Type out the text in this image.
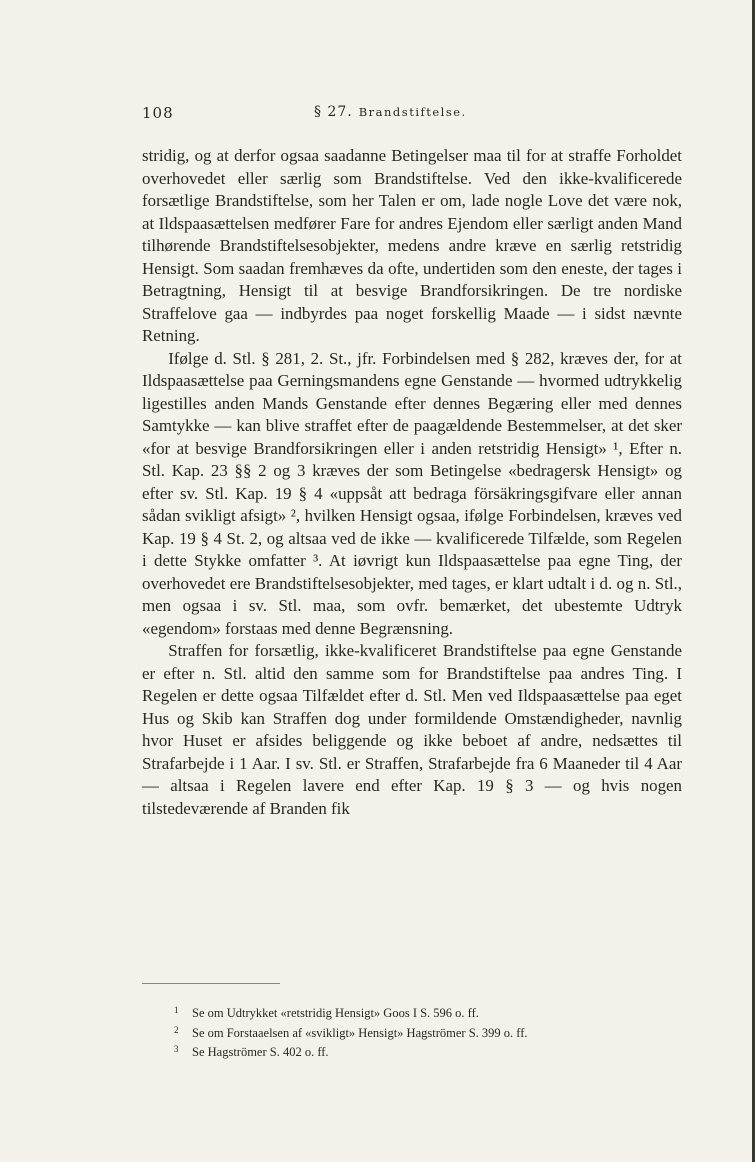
108	§ 27. Brandstiftelse.

stridig, og at derfor ogsaa saadanne Betingelser maa til for at straffe Forholdet overhovedet eller særlig som Brandstiftelse. Ved den ikke-kvalificerede forsætlige Brandstiftelse, som her Talen er om, lade nogle Love det være nok, at Ildspaasættelsen medfører Fare for andres Ejendom eller særligt anden Mand tilhørende Brandstiftelsesobjekter, medens andre kræve en særlig retstridig Hensigt. Som saadan fremhæves da ofte, undertiden som den eneste, der tages i Betragtning, Hensigt til at besvige Brandforsikringen. De tre nordiske Straffelove gaa — indbyrdes paa noget forskellig Maade — i sidst nævnte Retning.

Ifølge d. Stl. § 281, 2. St., jfr. Forbindelsen med § 282, kræves der, for at Ildspaasættelse paa Gerningsmandens egne Genstande — hvormed udtrykkelig ligestilles anden Mands Genstande efter dennes Begæring eller med dennes Samtykke — kan blive straffet efter de paagældende Bestemmelser, at det sker «for at besvige Brandforsikringen eller i anden retstridig Hensigt» ¹, Efter n. Stl. Kap. 23 §§ 2 og 3 kræves der som Betingelse «bedragersk Hensigt» og efter sv. Stl. Kap. 19 § 4 «uppsåt att bedraga försäkringsgifvare eller annan sådan svikligt afsigt» ², hvilken Hensigt ogsaa, ifølge Forbindelsen, kræves ved Kap. 19 § 4 St. 2, og altsaa ved de ikke — kvalificerede Tilfælde, som Regelen i dette Stykke omfatter ³. At iøvrigt kun Ildspaasættelse paa egne Ting, der overhovedet ere Brandstiftelsesobjekter, med tages, er klart udtalt i d. og n. Stl., men ogsaa i sv. Stl. maa, som ovfr. bemærket, det ubestemte Udtryk «egendom» forstaas med denne Begrænsning.

Straffen for forsætlig, ikke-kvalificeret Brandstiftelse paa egne Genstande er efter n. Stl. altid den samme som for Brandstiftelse paa andres Ting. I Regelen er dette ogsaa Tilfældet efter d. Stl. Men ved Ildspaasættelse paa eget Hus og Skib kan Straffen dog under formildende Omstændigheder, navnlig hvor Huset er afsides beliggende og ikke beboet af andre, nedsættes til Strafarbejde i 1 Aar. I sv. Stl. er Straffen, Strafarbejde fra 6 Maaneder til 4 Aar — altsaa i Regelen lavere end efter Kap. 19 § 3 — og hvis nogen tilstedeværende af Branden fik

1 Se om Udtrykket «retstridig Hensigt» Goos I S. 596 o. ff.
2 Se om Forstaaelsen af «svikligt» Hensigt» Hagströmer S. 399 o. ff.
3 Se Hagströmer S. 402 o. ff.
